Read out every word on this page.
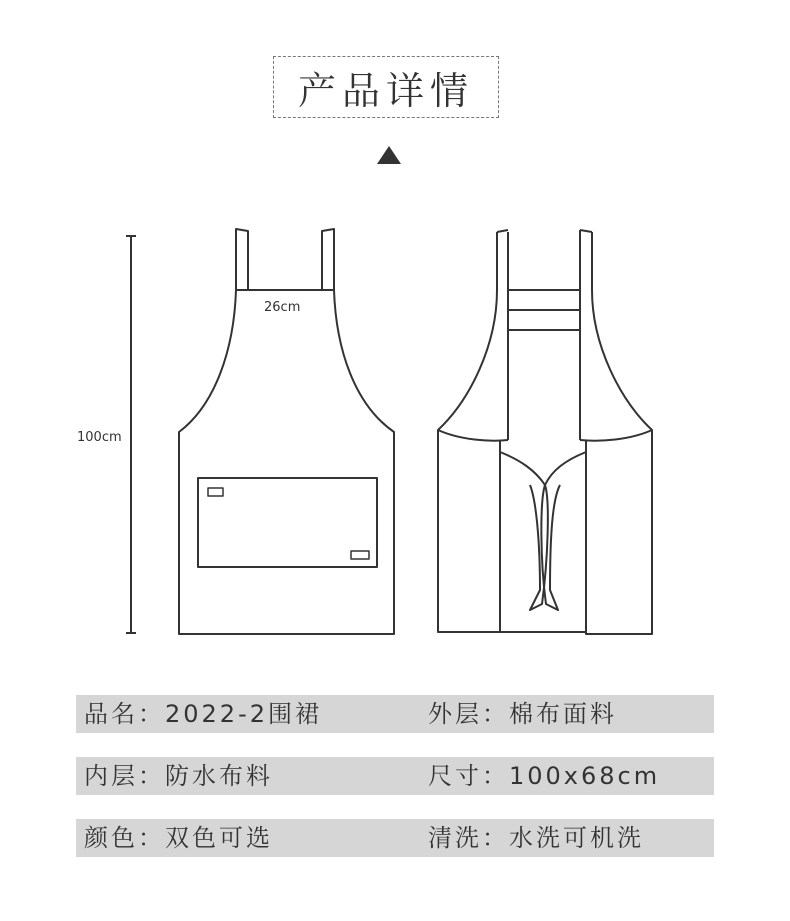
产品详情
100cm
26cm
品名：2022-2围裙	外层：棉布面料
内层：防水布料	尺寸：100x68cm
颜色：双色可选	清洗：水洗可机洗
